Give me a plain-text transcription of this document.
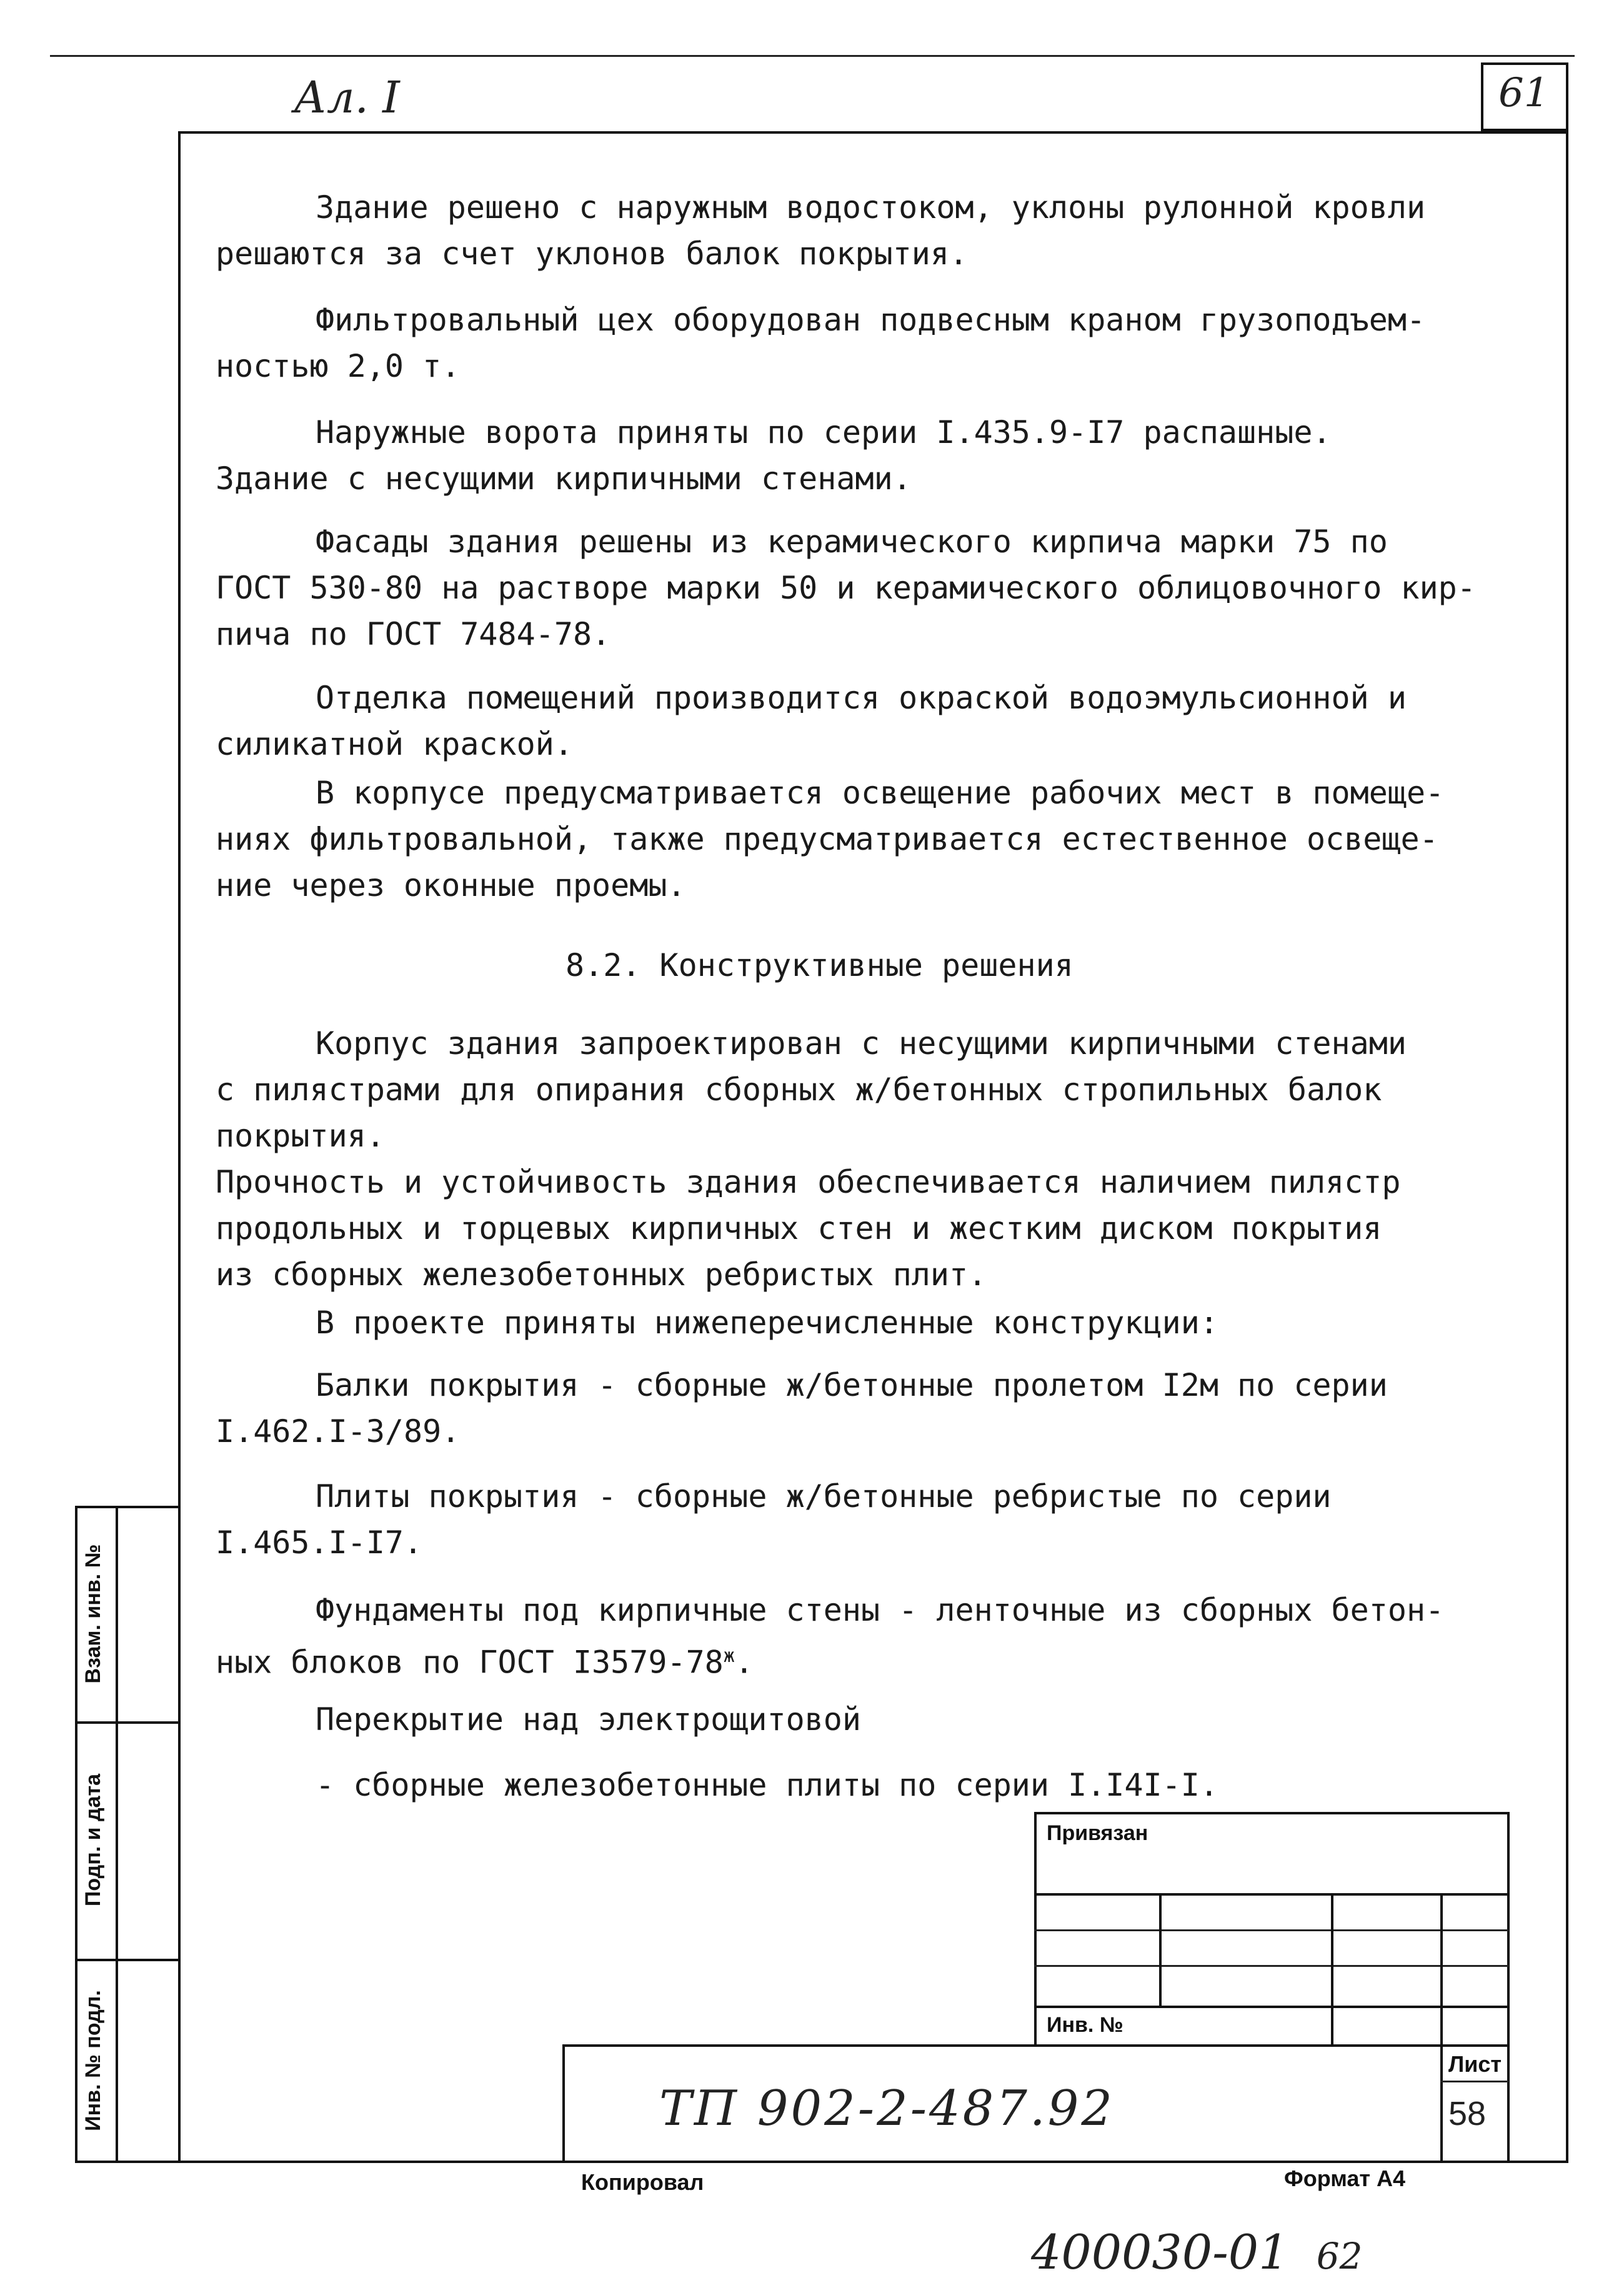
Ал. I	61
Здание решено с наружным водостоком, уклоны рулонной кровли
решаются за счет уклонов балок покрытия.
Фильтровальный цех оборудован подвесным краном грузоподъем-
ностью 2,0 т.
Наружные ворота приняты по серии I.435.9-I7 распашные.
Здание с несущими кирпичными стенами.
Фасады здания решены из керамического кирпича марки 75 по
ГОСТ 530-80 на растворе марки 50 и керамического облицовочного кир-
пича по ГОСТ 7484-78.
Отделка помещений производится окраской водоэмульсионной и
силикатной краской.
В корпусе предусматривается освещение рабочих мест в помеще-
ниях фильтровальной, также предусматривается естественное освеще-
ние через оконные проемы.
8.2. Конструктивные решения
Корпус здания запроектирован с несущими кирпичными стенами
с пилястрами для опирания сборных ж/бетонных стропильных балок
покрытия.
Прочность и устойчивость здания обеспечивается наличием пилястр
продольных и торцевых кирпичных стен и жестким диском покрытия
из сборных железобетонных ребристых плит.
В проекте приняты нижеперечисленные конструкции:
Балки покрытия - сборные ж/бетонные пролетом I2м по серии
I.462.I-3/89.
Плиты покрытия - сборные ж/бетонные ребристые по серии
I.465.I-I7.
Фундаменты под кирпичные стены - ленточные из сборных бетон-
ных блоков по ГОСТ $I3579-78^ж$.
Перекрытие над электрощитовой
- сборные железобетонные плиты по серии I.I4I-I.
Взам. инв. №
Подп. и дата
Инв. № подл.
Привязан
Инв. №
Лист
58
ТП 902-2-487.92
Копировал	Формат А4
400030-01 62
